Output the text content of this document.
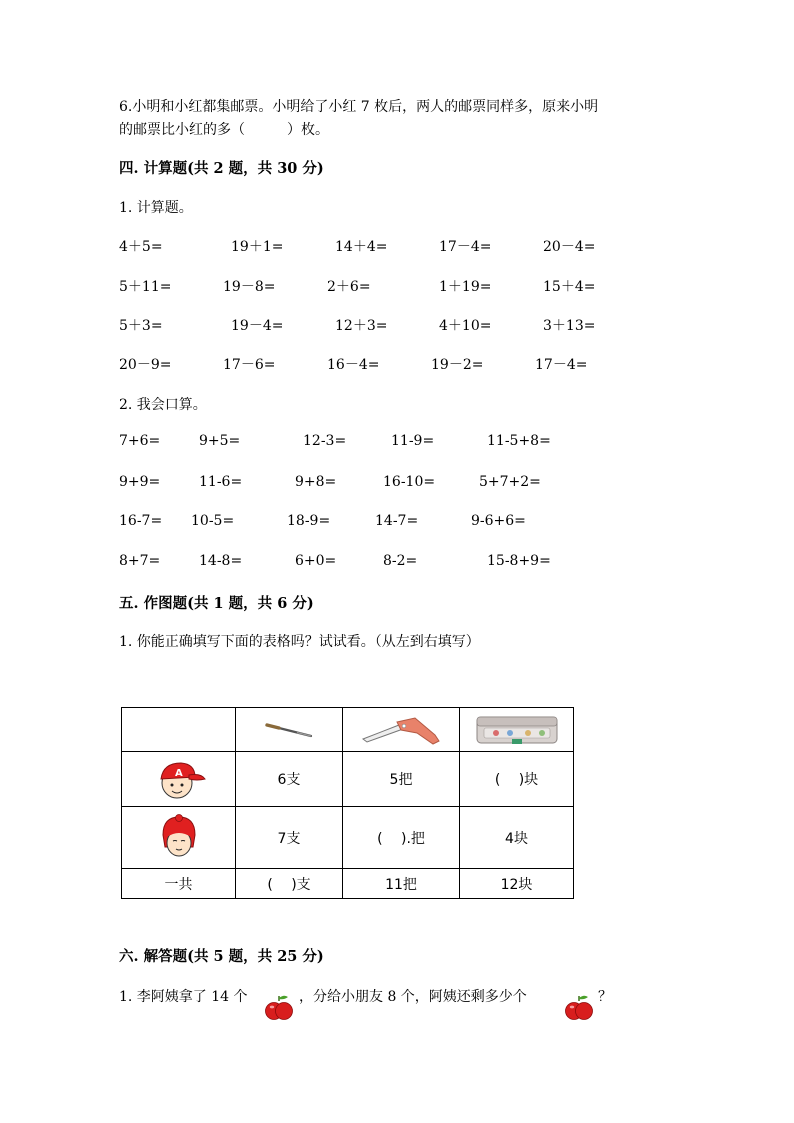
6.小明和小红都集邮票。小明给了小红 7 枚后，两人的邮票同样多，原来小明
的邮票比小红的多（　　　）枚。
四. 计算题(共 2 题，共 30 分)
1. 计算题。
4＋5=	19＋1=	14＋4=	17－4=	20－4=
5＋11=	19－8=	2＋6=	1＋19=	15＋4=
5＋3=	19－4=	12＋3=	4＋10=	3＋13=
20－9=	17－6=	16－4=	19－2=	17－4=
2. 我会口算。
7+6=	9+5=	12-3=	11-9=	11-5+8=
9+9=	11-6=	9+8=	16-10=	5+7+2=
16-7= 10-5=	18-9=	14-7=	9-6+6=
8+7=	14-8=	6+0=	8-2=	15-8+9=
五. 作图题(共 1 题，共 6 分)
1. 你能正确填写下面的表格吗？试试看。（从左到右填写）

A	6支	5把	(　 )块

	7支	(　 ).把	4块
一共	(　 )支	11把	12块
六. 解答题(共 5 题，共 25 分)
1. 李阿姨拿了 14 个	，分给小朋友 8 个，阿姨还剩多少个	？
